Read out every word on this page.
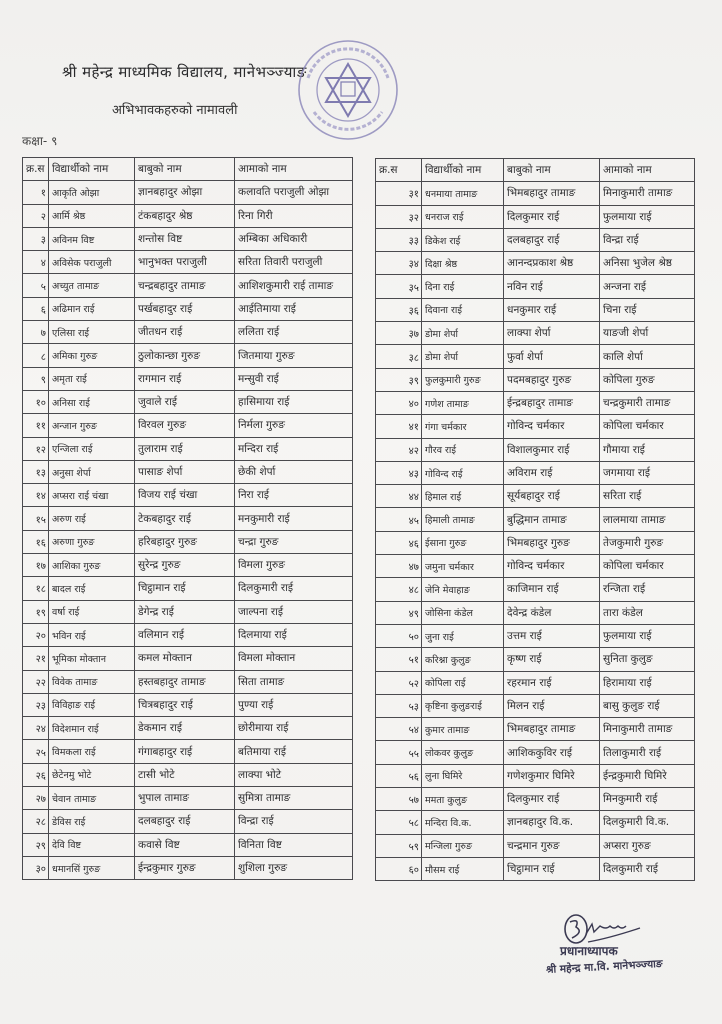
श्री महेन्द्र माध्यमिक विद्यालय, मानेभञ्ज्याङ
अभिभावकहरुको नामावली
कक्षा- ९
क्र.स	विद्यार्थीको नाम	बाबुको नाम	आमाको नाम
१	आकृति ओझा	ज्ञानबहादुर ओझा	कलावति पराजुली ओझा
२	आर्मि श्रेष्ठ	टंकबहादुर श्रेष्ठ	रिना गिरी
३	अविनम विष्ट	शन्तोस विष्ट	अम्बिका अधिकारी
४	अविसेक पराजुली	भानुभक्त पराजुली	सरिता तिवारी पराजुली
५	अच्युत तामाङ	चन्द्रबहादुर तामाङ	आशिशकुमारी राई तामाङ
६	अढिमान राई	पर्खबहादुर राई	आईतिमाया राई
७	एलिसा राई	जीतधन राई	ललिता राई
८	अमिका गुरुङ	ठुलोकान्छा गुरुङ	जितमाया गुरुङ
९	अमृता राई	रागमान राई	मन्सुवी राई
१०	अनिसा राई	जुवाले राई	हासिमाया राई
११	अन्जान गुरुङ	विरवल गुरुङ	निर्मला गुरुङ
१२	एन्जिला राई	तुलाराम राई	मन्दिरा राई
१३	अनुसा शेर्पा	पासाङ शेर्पा	छेकी शेर्पा
१४	अप्सरा राई चंखा	विजय राई चंखा	निरा राई
१५	अरुण राई	टेकबहादुर राई	मनकुमारी राई
१६	अरुणा गुरुङ	हरिबहादुर गुरुङ	चन्द्रा गुरुङ
१७	आशिका गुरुङ	सुरेन्द्र गुरुङ	विमला गुरुङ
१८	बादल राई	चिट्ठामान राई	दिलकुमारी राई
१९	वर्षा राई	डेगेन्द्र राई	जाल्पना राई
२०	भविन राई	वलिमान राई	दिलमाया राई
२१	भूमिका मोक्तान	कमल मोक्तान	विमला मोक्तान
२२	विवेक तामाङ	हस्तबहादुर तामाङ	सिता तामाङ
२३	विविहाङ राई	चित्रबहादुर राई	पुण्या राई
२४	विदेशमान राई	डेकमान राई	छोरीमाया राई
२५	विमकला राई	गंगाबहादुर राई	बतिमाया राई
२६	छेटेनमु भोटे	टासी भोटे	लाक्पा भोटे
२७	चेवान तामाङ	भुपाल तामाङ	सुमित्रा तामाङ
२८	डेविस राई	दलबहादुर राई	विन्द्रा राई
२९	देवि विष्ट	कवासे विष्ट	विनिता विष्ट
३०	धमानसिं गुरुङ	ईन्द्रकुमार गुरुङ	शुशिला गुरुङ
क्र.स	विद्यार्थीको नाम	बाबुको नाम	आमाको नाम
३१	धनमाया तामाङ	भिमबहादुर तामाङ	मिनाकुमारी तामाङ
३२	धनराज राई	दिलकुमार राई	फुलमाया राई
३३	डिकेश राई	दलबहादुर राई	विन्द्रा राई
३४	दिक्षा श्रेष्ठ	आनन्दप्रकाश श्रेष्ठ	अनिसा भुजेल श्रेष्ठ
३५	दिना राई	नविन राई	अन्जना राई
३६	दिवाना राई	धनकुमार राई	चिना राई
३७	डोमा शेर्पा	लाक्पा शेर्पा	याङजी शेर्पा
३८	डोमा शेर्पा	फुर्वा शेर्पा	कालि शेर्पा
३९	फुलकुमारी गुरुङ	पदमबहादुर गुरुङ	कोपिला गुरुङ
४०	गणेश तामाङ	ईन्द्रबहादुर तामाङ	चन्द्रकुमारी तामाङ
४१	गंगा चर्मकार	गोविन्द चर्मकार	कोपिला चर्मकार
४२	गौरव राई	विशालकुमार राई	गौमाया राई
४३	गोविन्द राई	अविराम राई	जगमाया राई
४४	हिमाल राई	सूर्यबहादुर राई	सरिता राई
४५	हिमाली तामाङ	बुद्धिमान तामाङ	लालमाया तामाङ
४६	ईसाना गुरुङ	भिमबहादुर गुरुङ	तेजकुमारी गुरुङ
४७	जमुना चर्मकार	गोविन्द चर्मकार	कोपिला चर्मकार
४८	जेनि मेवाहाङ	काजिमान राई	रन्जिता राई
४९	जोसिना कंडेल	देवेन्द्र कंडेल	तारा कंडेल
५०	जुना राई	उत्तम राई	फुलमाया राई
५१	करिश्ना कुलुङ	कृष्ण राई	सुनिता कुलुङ
५२	कोपिला राई	रहरमान राई	हिरामाया राई
५३	कृष्टिना कुलुङराई	मिलन राई	बासु कुलुङ राई
५४	कुमार तामाङ	भिमबहादुर तामाङ	मिनाकुमारी तामाङ
५५	लोकवर कुलुङ	आशिककुविर राई	तिलाकुमारी राई
५६	लुना घिमिरे	गणेशकुमार घिमिरे	ईन्द्रकुमारी घिमिरे
५७	ममता कुलुङ	दिलकुमार राई	मिनकुमारी राई
५८	मन्दिरा वि.क.	ज्ञानबहादुर वि.क.	दिलकुमारी वि.क.
५९	मन्जिला गुरुङ	चन्द्रमान गुरुङ	अप्सरा गुरुङ
६०	मौसम राई	चिट्ठामान राई	दिलकुमारी राई
प्रधानाध्यापक
श्री महेन्द्र मा.वि. मानेभञ्ज्याङ
